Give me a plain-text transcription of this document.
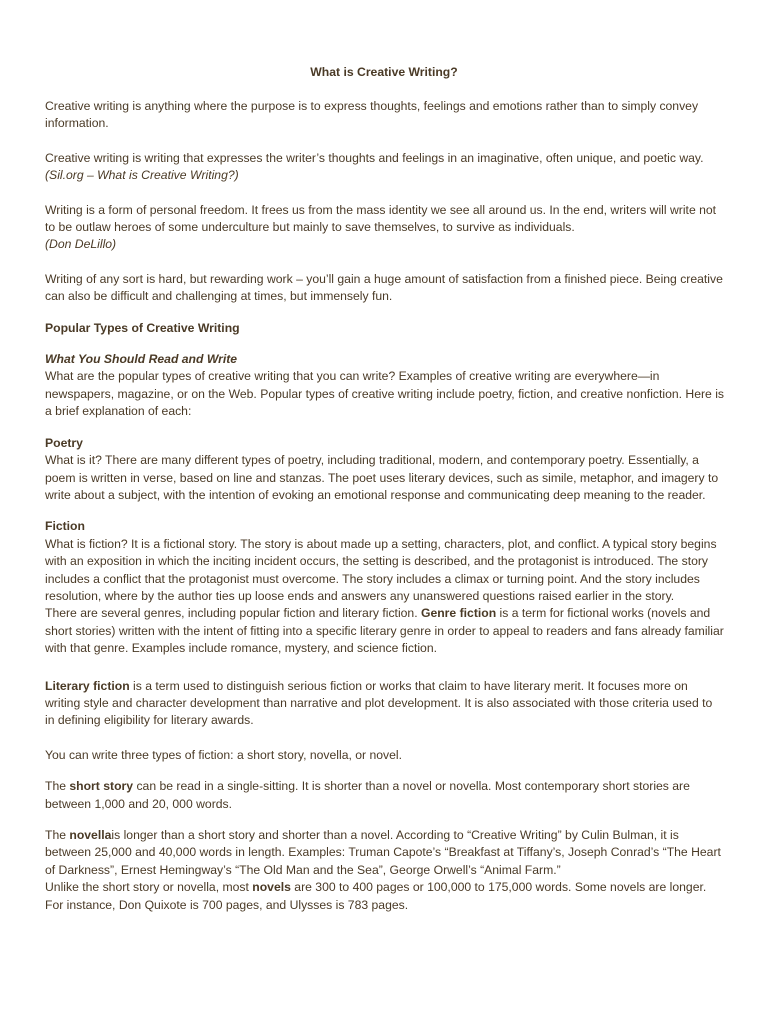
What is Creative Writing?

Creative writing is anything where the purpose is to express thoughts, feelings and emotions rather than to simply convey information.

Creative writing is writing that expresses the writer’s thoughts and feelings in an imaginative, often unique, and poetic way.

(Sil.org – What is Creative Writing?)

Writing is a form of personal freedom. It frees us from the mass identity we see all around us. In the end, writers will write not to be outlaw heroes of some underculture but mainly to save themselves, to survive as individuals.

(Don DeLillo)

Writing of any sort is hard, but rewarding work – you’ll gain a huge amount of satisfaction from a finished piece. Being creative can also be difficult and challenging at times, but immensely fun.

Popular Types of Creative Writing

What You Should Read and Write

What are the popular types of creative writing that you can write? Examples of creative writing are everywhere—in newspapers, magazine, or on the Web. Popular types of creative writing include poetry, fiction, and creative nonfiction. Here is a brief explanation of each:

Poetry

What is it? There are many different types of poetry, including traditional, modern, and contemporary poetry. Essentially, a poem is written in verse, based on line and stanzas. The poet uses literary devices, such as simile, metaphor, and imagery to write about a subject, with the intention of evoking an emotional response and communicating deep meaning to the reader.

Fiction

What is fiction? It is a fictional story. The story is about made up a setting, characters, plot, and conflict. A typical story begins with an exposition in which the inciting incident occurs, the setting is described, and the protagonist is introduced. The story includes a conflict that the protagonist must overcome. The story includes a climax or turning point. And the story includes resolution, where by the author ties up loose ends and answers any unanswered questions raised earlier in the story.

There are several genres, including popular fiction and literary fiction. Genre fiction is a term for fictional works (novels and short stories) written with the intent of fitting into a specific literary genre in order to appeal to readers and fans already familiar with that genre. Examples include romance, mystery, and science fiction.

Literary fiction is a term used to distinguish serious fiction or works that claim to have literary merit. It focuses more on writing style and character development than narrative and plot development. It is also associated with those criteria used to in defining eligibility for literary awards.

You can write three types of fiction: a short story, novella, or novel.

The short story can be read in a single-sitting. It is shorter than a novel or novella. Most contemporary short stories are between 1,000 and 20, 000 words.

The novellais longer than a short story and shorter than a novel. According to “Creative Writing” by Culin Bulman, it is between 25,000 and 40,000 words in length. Examples: Truman Capote’s “Breakfast at Tiffany’s, Joseph Conrad’s “The Heart of Darkness”, Ernest Hemingway’s “The Old Man and the Sea”, George Orwell’s “Animal Farm.”

Unlike the short story or novella, most novels are 300 to 400 pages or 100,000 to 175,000 words. Some novels are longer. For instance, Don Quixote is 700 pages, and Ulysses is 783 pages.
